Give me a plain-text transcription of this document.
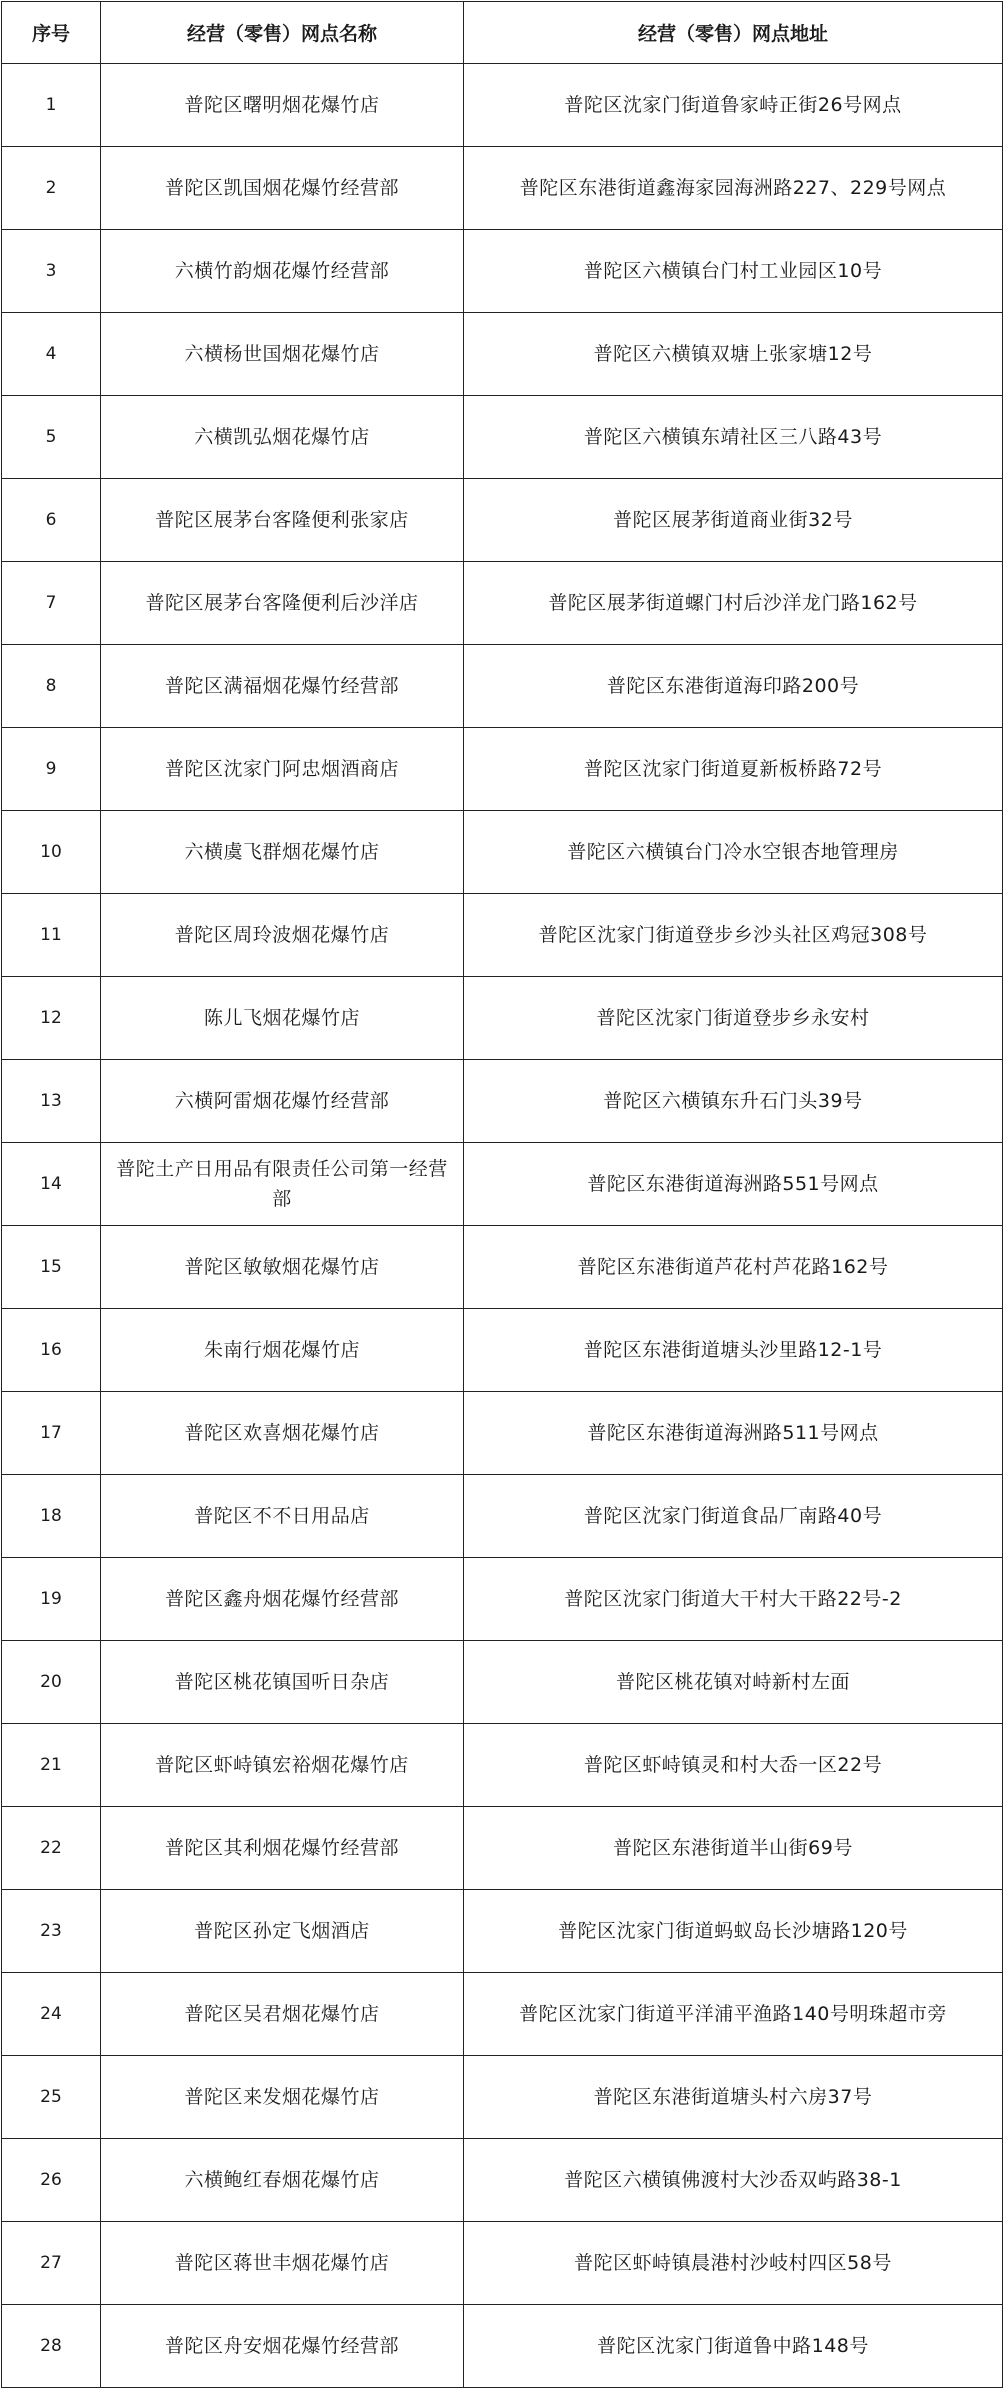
序号	经营（零售）网点名称	经营（零售）网点地址
1	普陀区曙明烟花爆竹店	普陀区沈家门街道鲁家峙正街26号网点
2	普陀区凯国烟花爆竹经营部	普陀区东港街道鑫海家园海洲路227、229号网点
3	六横竹韵烟花爆竹经营部	普陀区六横镇台门村工业园区10号
4	六横杨世国烟花爆竹店	普陀区六横镇双塘上张家塘12号
5	六横凯弘烟花爆竹店	普陀区六横镇东靖社区三八路43号
6	普陀区展茅台客隆便利张家店	普陀区展茅街道商业街32号
7	普陀区展茅台客隆便利后沙洋店	普陀区展茅街道螺门村后沙洋龙门路162号
8	普陀区满福烟花爆竹经营部	普陀区东港街道海印路200号
9	普陀区沈家门阿忠烟酒商店	普陀区沈家门街道夏新板桥路72号
10	六横虞飞群烟花爆竹店	普陀区六横镇台门冷水空银杏地管理房
11	普陀区周玲波烟花爆竹店	普陀区沈家门街道登步乡沙头社区鸡冠308号
12	陈儿飞烟花爆竹店	普陀区沈家门街道登步乡永安村
13	六横阿雷烟花爆竹经营部	普陀区六横镇东升石门头39号
14	普陀土产日用品有限责任公司第一经营部	普陀区东港街道海洲路551号网点
15	普陀区敏敏烟花爆竹店	普陀区东港街道芦花村芦花路162号
16	朱南行烟花爆竹店	普陀区东港街道塘头沙里路12-1号
17	普陀区欢喜烟花爆竹店	普陀区东港街道海洲路511号网点
18	普陀区不不日用品店	普陀区沈家门街道食品厂南路40号
19	普陀区鑫舟烟花爆竹经营部	普陀区沈家门街道大干村大干路22号-2
20	普陀区桃花镇国听日杂店	普陀区桃花镇对峙新村左面
21	普陀区虾峙镇宏裕烟花爆竹店	普陀区虾峙镇灵和村大岙一区22号
22	普陀区其利烟花爆竹经营部	普陀区东港街道半山街69号
23	普陀区孙定飞烟酒店	普陀区沈家门街道蚂蚁岛长沙塘路120号
24	普陀区吴君烟花爆竹店	普陀区沈家门街道平洋浦平渔路140号明珠超市旁
25	普陀区来发烟花爆竹店	普陀区东港街道塘头村六房37号
26	六横鲍红春烟花爆竹店	普陀区六横镇佛渡村大沙岙双屿路38-1
27	普陀区蒋世丰烟花爆竹店	普陀区虾峙镇晨港村沙岐村四区58号
28	普陀区舟安烟花爆竹经营部	普陀区沈家门街道鲁中路148号
